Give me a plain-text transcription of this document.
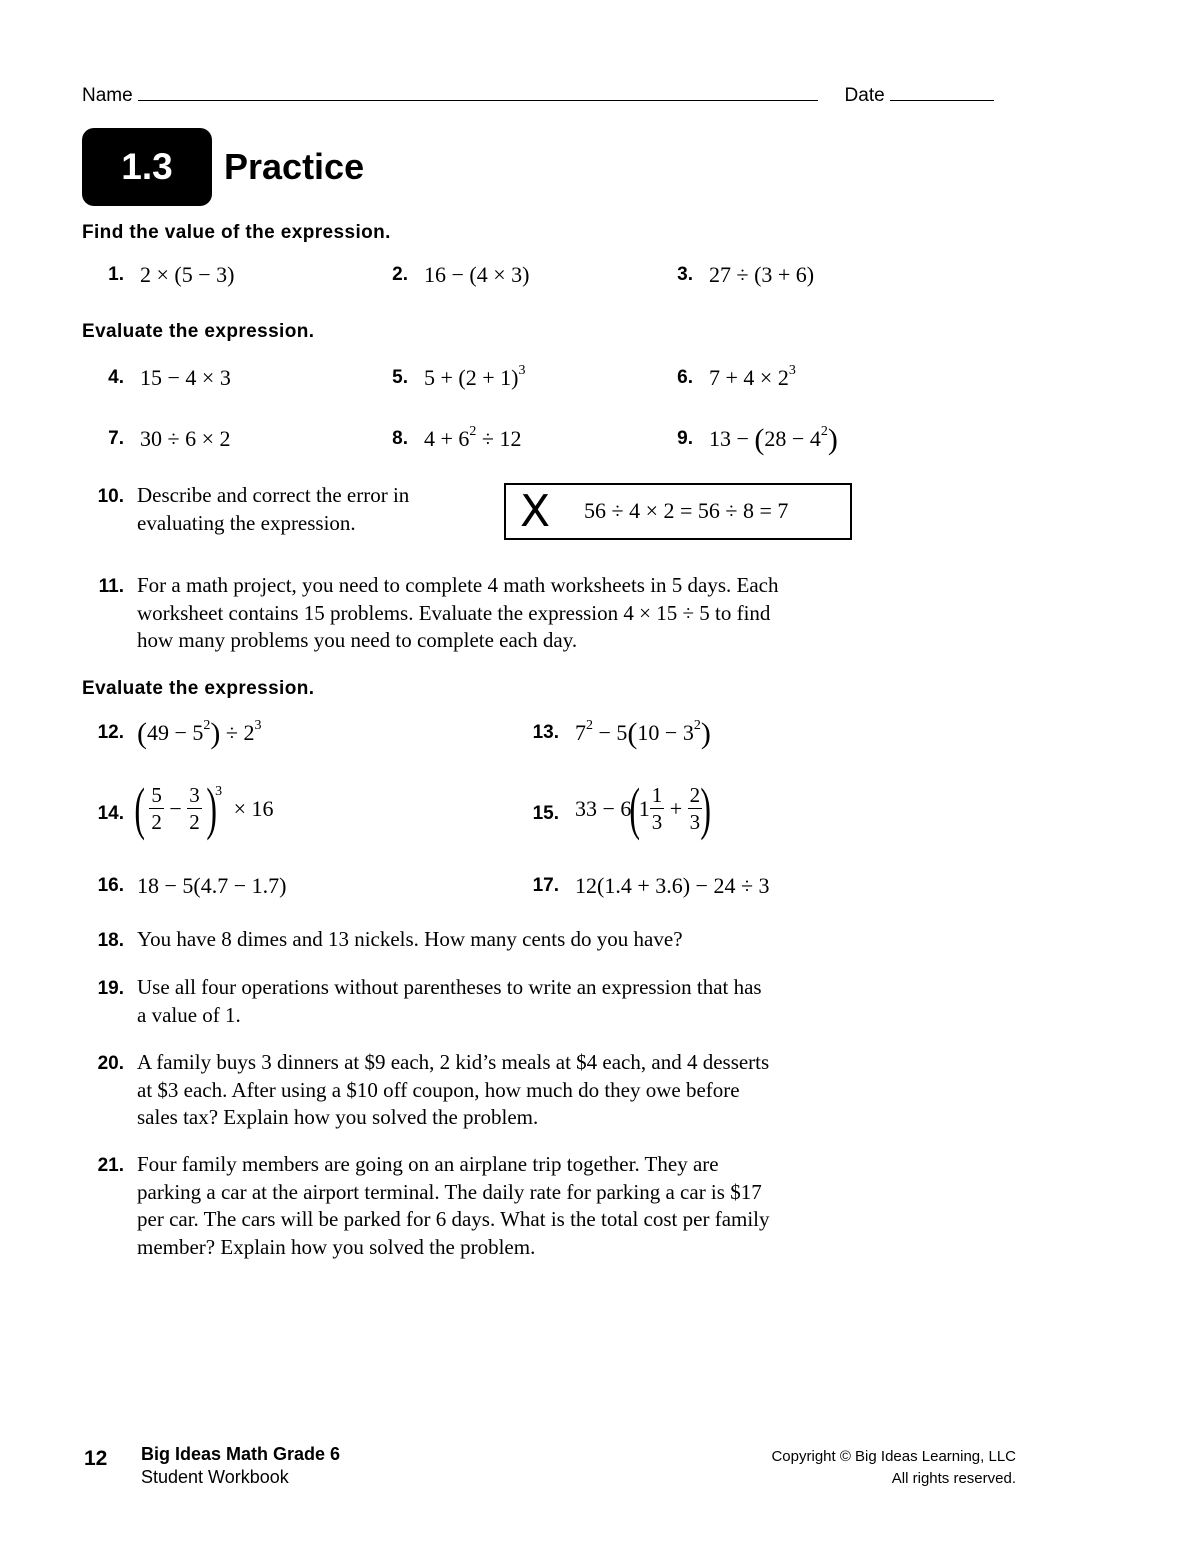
Name	Date
1.3	Practice
Find the value of the expression.
1. 2 × (5 − 3)	2. 16 − (4 × 3)	3. 27 ÷ (3 + 6)
Evaluate the expression.
4. 15 − 4 × 3	5. $5 + (2 + 1)^3$	6. $7 + 4 \times 2^3$
7. 30 ÷ 6 × 2	8. $4 + 6^2 \div 12$	9. $13 - (28 - 4^2)$
10. Describe and correct the error in
evaluating the expression.	X 56 ÷ 4 × 2 = 56 ÷ 8 = 7
11. For a math project, you need to complete 4 math worksheets in 5 days. Each
worksheet contains 15 problems. Evaluate the expression 4 × 15 ÷ 5 to find
how many problems you need to complete each day.
Evaluate the expression.
12. $(49 - 5^2) \div 2^3$	13. $7^2 - 5(10 - 3^2)$
14. ( $\frac{5}{2} - \frac{3}{2} )^3 \times 16$	15. $33 - 6(1 \frac{1}{3} + \frac{2}{3}$
)
16. 18 − 5(4.7 − 1.7)	17. 12(1.4 + 3.6) − 24 ÷ 3
18. You have 8 dimes and 13 nickels. How many cents do you have?
19. Use all four operations without parentheses to write an expression that has
a value of 1.
20. A family buys 3 dinners at $9 each, 2 kid’s meals at $4 each, and 4 desserts
at $3 each. After using a $10 off coupon, how much do they owe before
sales tax? Explain how you solved the problem.
21. Four family members are going on an airplane trip together. They are
parking a car at the airport terminal. The daily rate for parking a car is $17
per car. The cars will be parked for 6 days. What is the total cost per family
member? Explain how you solved the problem.
12 Big Ideas Math Grade 6
Student Workbook
Copyright © Big Ideas Learning, LLC
All rights reserved.
